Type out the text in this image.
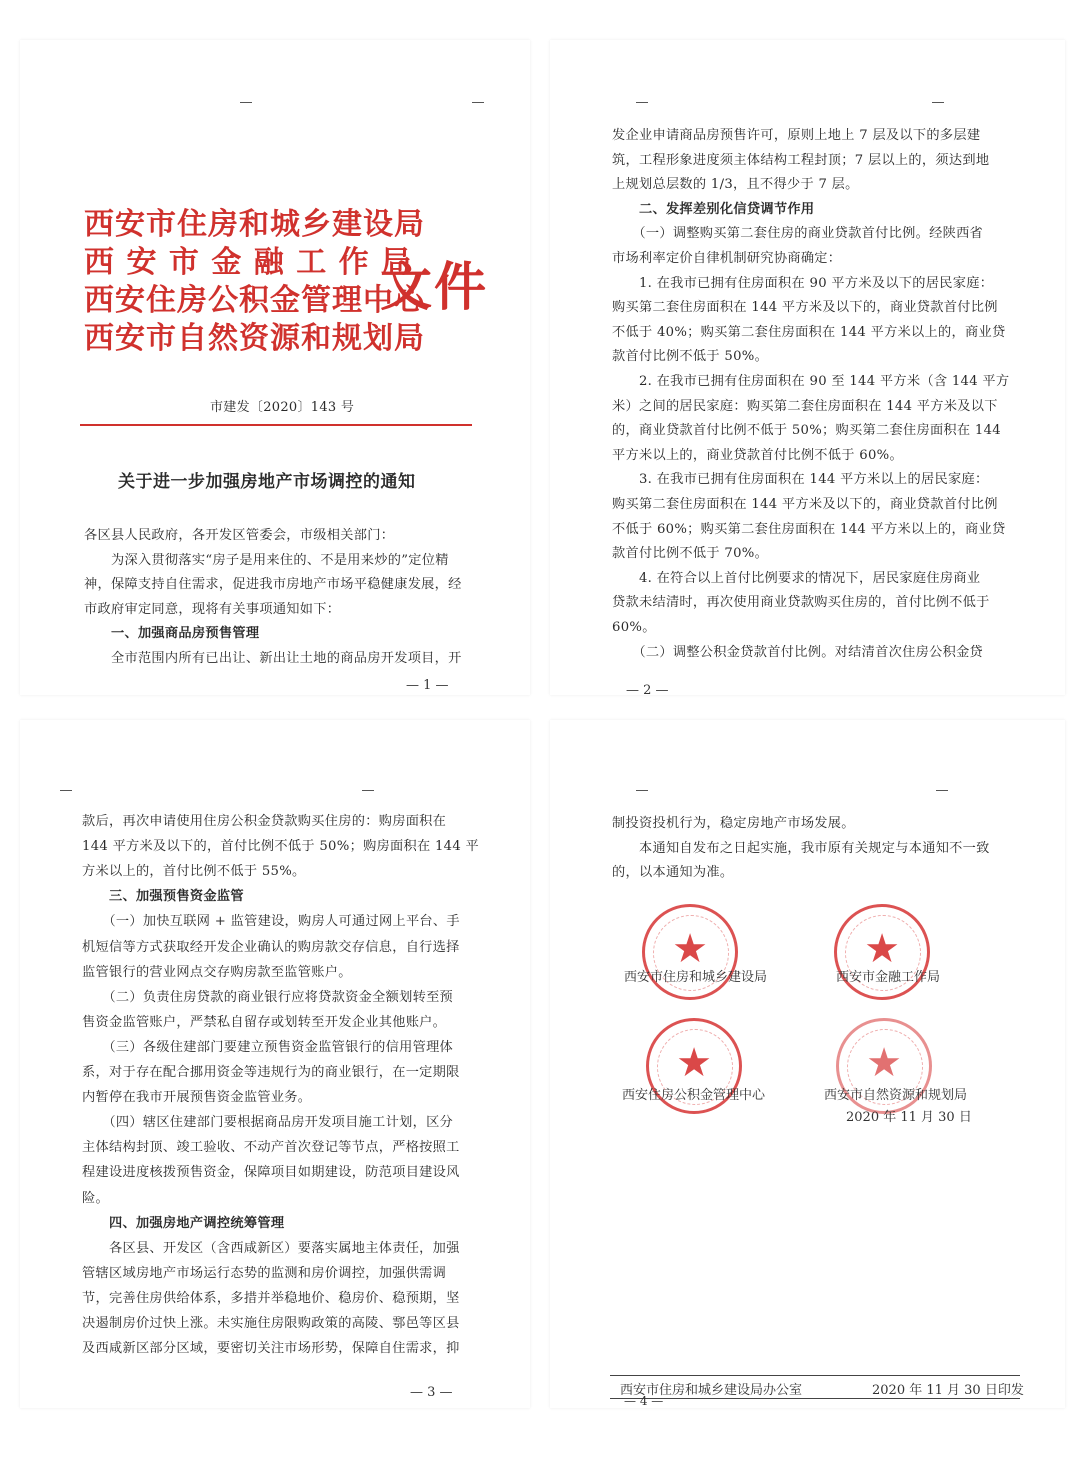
西安市住房和城乡建设局
西 安 市 金 融 工 作 局
西安住房公积金管理中心
西安市自然资源和规划局
文件
市建发〔2020〕143 号
关于进一步加强房地产市场调控的通知
各区县人民政府，各开发区管委会，市级相关部门：
　　为深入贯彻落实“房子是用来住的、不是用来炒的”定位精
神，保障支持自住需求，促进我市房地产市场平稳健康发展，经
市政府审定同意，现将有关事项通知如下：
　　一、加强商品房预售管理
　　全市范围内所有已出让、新出让土地的商品房开发项目，开
— 1 —
发企业申请商品房预售许可，原则上地上 7 层及以下的多层建
筑，工程形象进度须主体结构工程封顶；7 层以上的，须达到地
上规划总层数的 1/3，且不得少于 7 层。
　　二、发挥差别化信贷调节作用
　　（一）调整购买第二套住房的商业贷款首付比例。经陕西省
市场利率定价自律机制研究协商确定：
　　1. 在我市已拥有住房面积在 90 平方米及以下的居民家庭：
购买第二套住房面积在 144 平方米及以下的，商业贷款首付比例
不低于 40%；购买第二套住房面积在 144 平方米以上的，商业贷
款首付比例不低于 50%。
　　2. 在我市已拥有住房面积在 90 至 144 平方米（含 144 平方
米）之间的居民家庭：购买第二套住房面积在 144 平方米及以下
的，商业贷款首付比例不低于 50%；购买第二套住房面积在 144
平方米以上的，商业贷款首付比例不低于 60%。
　　3. 在我市已拥有住房面积在 144 平方米以上的居民家庭：
购买第二套住房面积在 144 平方米及以下的，商业贷款首付比例
不低于 60%；购买第二套住房面积在 144 平方米以上的，商业贷
款首付比例不低于 70%。
　　4. 在符合以上首付比例要求的情况下，居民家庭住房商业
贷款未结清时，再次使用商业贷款购买住房的，首付比例不低于
60%。
　　（二）调整公积金贷款首付比例。对结清首次住房公积金贷
— 2 —
款后，再次申请使用住房公积金贷款购买住房的：购房面积在
144 平方米及以下的，首付比例不低于 50%；购房面积在 144 平
方米以上的，首付比例不低于 55%。
　　三、加强预售资金监管
　　（一）加快互联网 + 监管建设，购房人可通过网上平台、手
机短信等方式获取经开发企业确认的购房款交存信息，自行选择
监管银行的营业网点交存购房款至监管账户。
　　（二）负责住房贷款的商业银行应将贷款资金全额划转至预
售资金监管账户，严禁私自留存或划转至开发企业其他账户。
　　（三）各级住建部门要建立预售资金监管银行的信用管理体
系，对于存在配合挪用资金等违规行为的商业银行，在一定期限
内暂停在我市开展预售资金监管业务。
　　（四）辖区住建部门要根据商品房开发项目施工计划，区分
主体结构封顶、竣工验收、不动产首次登记等节点，严格按照工
程建设进度核拨预售资金，保障项目如期建设，防范项目建设风
险。
　　四、加强房地产调控统筹管理
　　各区县、开发区（含西咸新区）要落实属地主体责任，加强
管辖区域房地产市场运行态势的监测和房价调控，加强供需调
节，完善住房供给体系，多措并举稳地价、稳房价、稳预期，坚
决遏制房价过快上涨。未实施住房限购政策的高陵、鄠邑等区县
及西咸新区部分区域，要密切关注市场形势，保障自住需求，抑
— 3 —
制投资投机行为，稳定房地产市场发展。
　　本通知自发布之日起实施，我市原有关规定与本通知不一致
的，以本通知为准。
★
西安市住房和城乡建设局
★
西安市金融工作局
★
西安住房公积金管理中心
★
西安市自然资源和规划局
2020 年 11 月 30 日
西安市住房和城乡建设局办公室	2020 年 11 月 30 日印发
— 4 —
